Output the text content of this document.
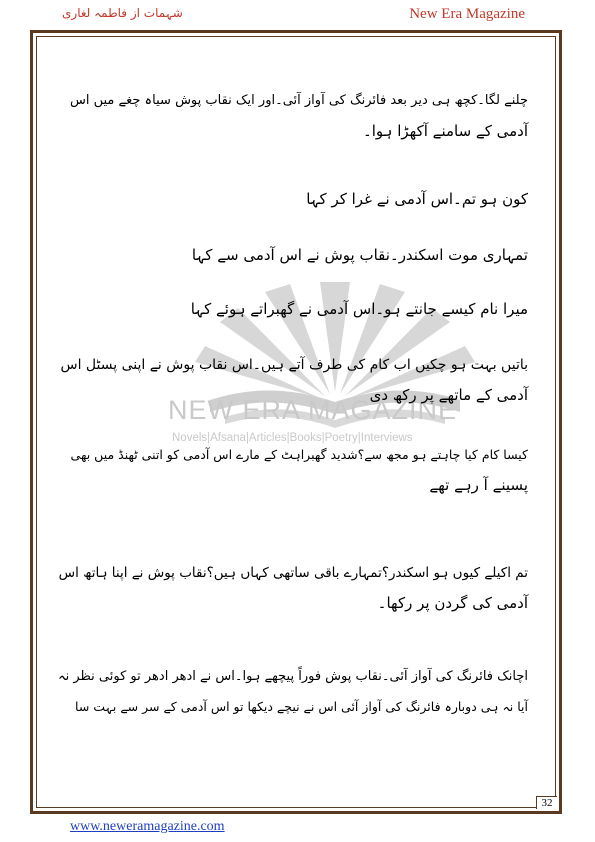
شہمات از فاطمہ لغاری	New Era Magazine
NEW ERA MAGAZINE
Novels|Afsana|Articles|Books|Poetry|Interviews
چلنے لگا۔کچھ ہی دیر بعد فائرنگ کی آواز آئی۔اور ایک نقاب پوش سیاہ چغے میں اس
آدمی کے سامنے آکھڑا ہوا۔
کون ہو تم۔اس آدمی نے غرا کر کہا
تمہاری موت اسکندر۔نقاب پوش نے اس آدمی سے کہا
میرا نام کیسے جانتے ہو۔اس آدمی نے گھبراتے ہوئے کہا
باتیں بہت ہو چکیں اب کام کی طرف آتے ہیں۔اس نقاب پوش نے اپنی پسٹل اس
آدمی کے ماتھے پر رکھ دی
کیسا کام کیا چاہتے ہو مجھ سے؟شدید گھبراہٹ کے مارے اس آدمی کو اتنی ٹھنڈ میں بھی
پسینے آ رہے تھے
تم اکیلے کیوں ہو اسکندر؟تمہارے باقی ساتھی کہاں ہیں؟نقاب پوش نے اپنا ہاتھ اس
آدمی کی گردن پر رکھا۔
اچانک فائرنگ کی آواز آئی۔نقاب پوش فوراً پیچھے ہوا۔اس نے ادھر ادھر تو کوئی نظر نہ
آیا نہ ہی دوبارہ فائرنگ کی آواز آئی اس نے نیچے دیکھا تو اس آدمی کے سر سے بہت سا
32
www.neweramagazine.com
